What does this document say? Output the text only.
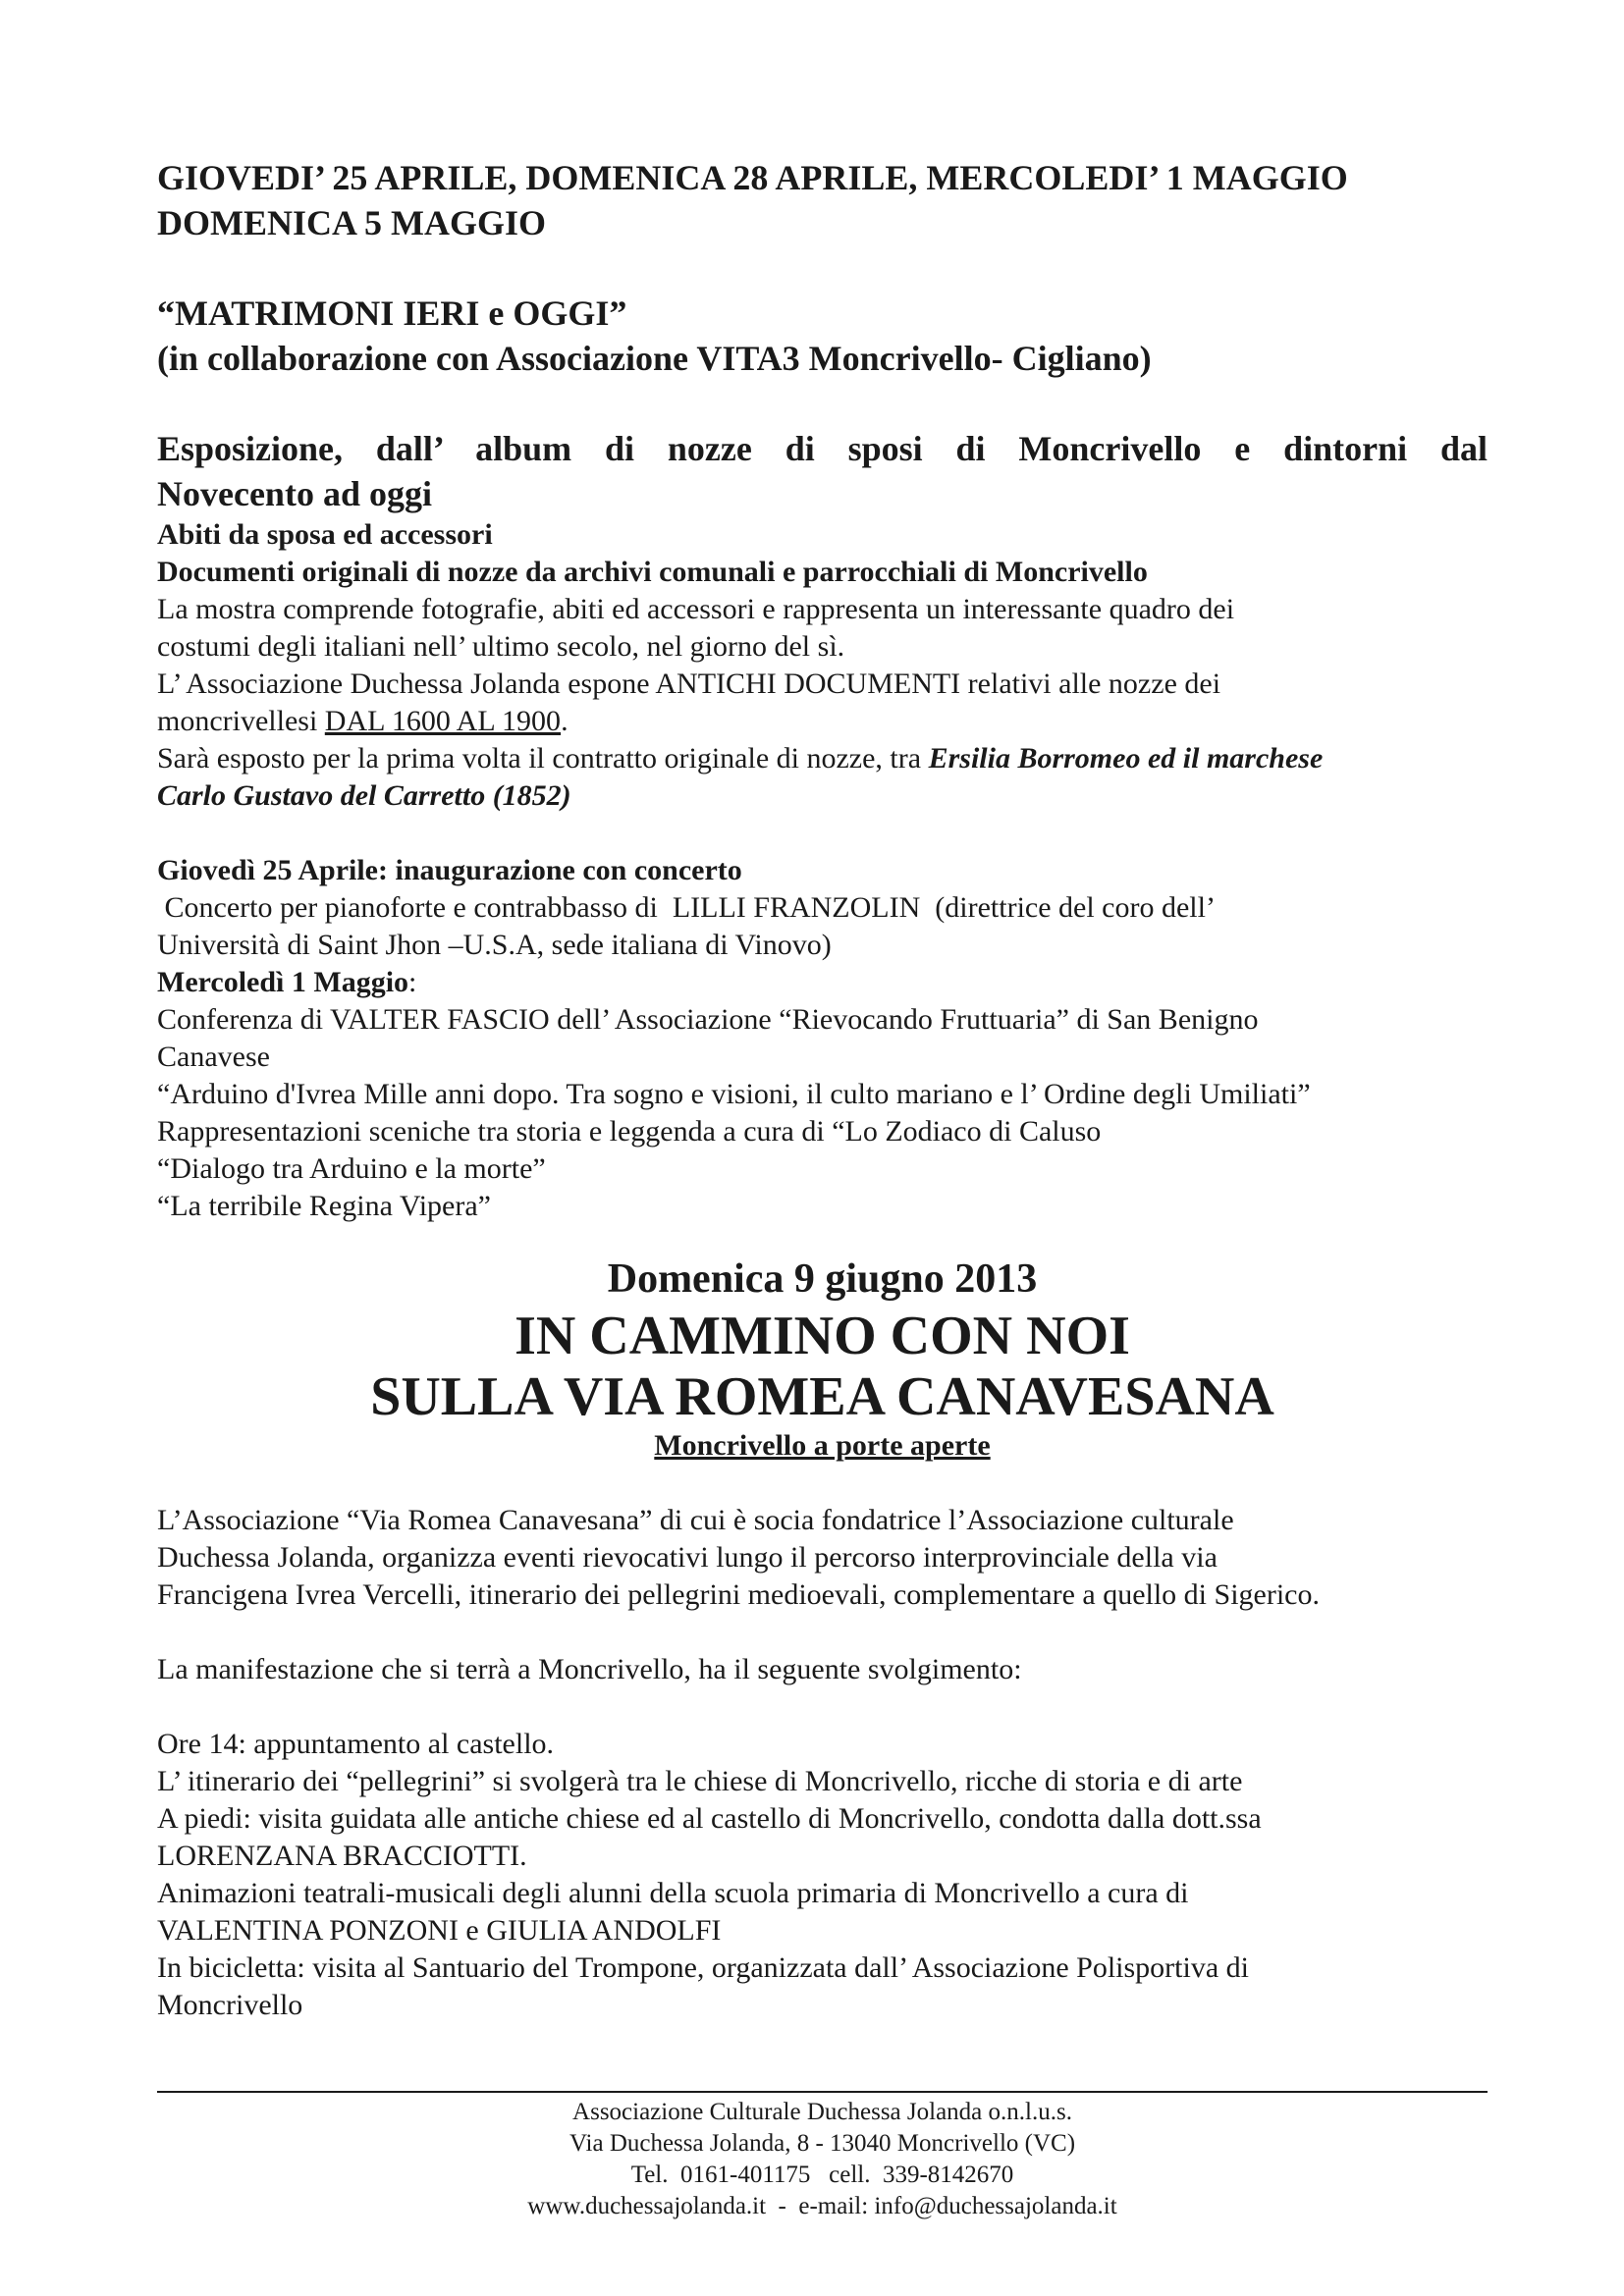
GIOVEDI’ 25 APRILE, DOMENICA 28 APRILE, MERCOLEDI’ 1 MAGGIO
DOMENICA 5 MAGGIO
“MATRIMONI IERI e OGGI”
(in collaborazione con Associazione VITA3 Moncrivello- Cigliano)
Esposizione, dall’ album di nozze di sposi di Moncrivello e dintorni dal
Novecento ad oggi
Abiti da sposa ed accessori
Documenti originali di nozze da archivi comunali e parrocchiali di Moncrivello
La mostra comprende fotografie, abiti ed accessori e rappresenta un interessante quadro dei
costumi degli italiani nell’ ultimo secolo, nel giorno del sì.
L’ Associazione Duchessa Jolanda espone ANTICHI DOCUMENTI relativi alle nozze dei
moncrivellesi DAL 1600 AL 1900.
Sarà esposto per la prima volta il contratto originale di nozze, tra Ersilia Borromeo ed il marchese
Carlo Gustavo del Carretto (1852)
Giovedì 25 Aprile: inaugurazione con concerto
Concerto per pianoforte e contrabbasso di  LILLI FRANZOLIN  (direttrice del coro dell’
Università di Saint Jhon –U.S.A, sede italiana di Vinovo)
Mercoledì 1 Maggio:
Conferenza di VALTER FASCIO dell’ Associazione “Rievocando Fruttuaria” di San Benigno
Canavese
“Arduino d'Ivrea Mille anni dopo. Tra sogno e visioni, il culto mariano e l’ Ordine degli Umiliati”
Rappresentazioni sceniche tra storia e leggenda a cura di “Lo Zodiaco di Caluso
“Dialogo tra Arduino e la morte”
“La terribile Regina Vipera”
Domenica 9 giugno 2013
IN CAMMINO CON NOI
SULLA VIA ROMEA CANAVESANA
Moncrivello a porte aperte
L’Associazione “Via Romea Canavesana” di cui è socia fondatrice l’Associazione culturale
Duchessa Jolanda, organizza eventi rievocativi lungo il percorso interprovinciale della via
Francigena Ivrea Vercelli, itinerario dei pellegrini medioevali, complementare a quello di Sigerico.
La manifestazione che si terrà a Moncrivello, ha il seguente svolgimento:
Ore 14: appuntamento al castello.
L’ itinerario dei “pellegrini” si svolgerà tra le chiese di Moncrivello, ricche di storia e di arte
A piedi: visita guidata alle antiche chiese ed al castello di Moncrivello, condotta dalla dott.ssa
LORENZANA BRACCIOTTI.
Animazioni teatrali-musicali degli alunni della scuola primaria di Moncrivello a cura di
VALENTINA PONZONI e GIULIA ANDOLFI
In bicicletta: visita al Santuario del Trompone, organizzata dall’ Associazione Polisportiva di
Moncrivello
Associazione Culturale Duchessa Jolanda o.n.l.u.s.
Via Duchessa Jolanda, 8 - 13040 Moncrivello (VC)
Tel.  0161-401175   cell.  339-8142670
www.duchessajolanda.it  -  e-mail: info@duchessajolanda.it
